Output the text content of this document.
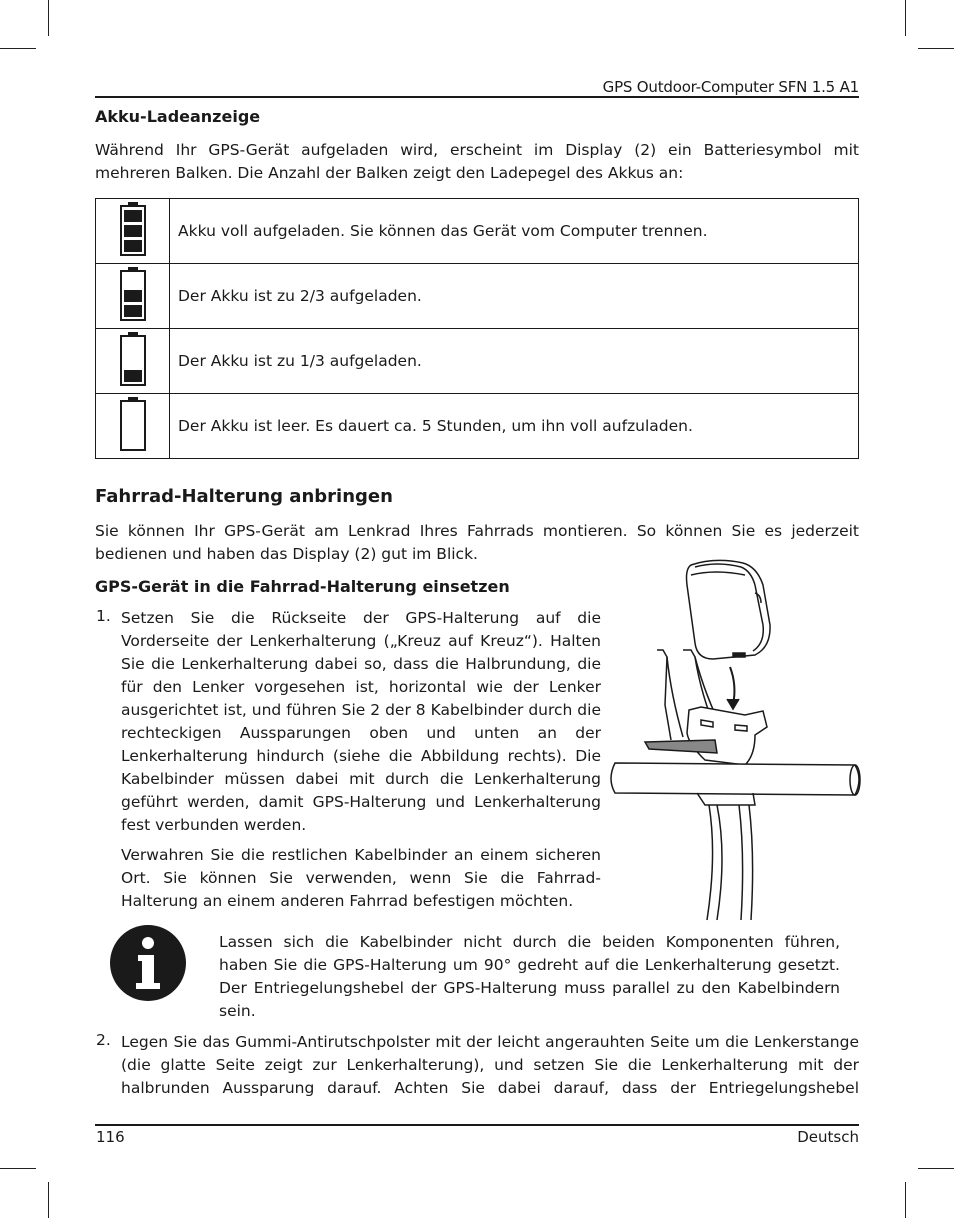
GPS Outdoor-Computer SFN 1.5 A1
Akku-Ladeanzeige
Während Ihr GPS-Gerät aufgeladen wird, erscheint im Display (2) ein Batteriesymbol mit mehreren Balken. Die Anzahl der Balken zeigt den Ladepegel des Akkus an:
	Akku voll aufgeladen. Sie können das Gerät vom Computer trennen.
	Der Akku ist zu 2/3 aufgeladen.
	Der Akku ist zu 1/3 aufgeladen.
	Der Akku ist leer. Es dauert ca. 5 Stunden, um ihn voll aufzuladen.
Fahrrad-Halterung anbringen
Sie können Ihr GPS-Gerät am Lenkrad Ihres Fahrrads montieren. So können Sie es jederzeit bedienen und haben das Display (2) gut im Blick.
GPS-Gerät in die Fahrrad-Halterung einsetzen
1. Setzen Sie die Rückseite der GPS-Halterung auf die Vorderseite der Lenkerhalterung („Kreuz auf Kreuz“). Halten Sie die Lenkerhalterung dabei so, dass die Halbrundung, die für den Lenker vorgesehen ist, horizontal wie der Lenker ausgerichtet ist, und führen Sie 2 der 8 Kabelbinder durch die rechteckigen Aussparungen oben und unten an der Lenkerhalterung hindurch (siehe die Abbildung rechts). Die Kabelbinder müssen dabei mit durch die Lenkerhalterung geführt werden, damit GPS-Halterung und Lenkerhalterung fest verbunden werden.
Verwahren Sie die restlichen Kabelbinder an einem sicheren Ort. Sie können Sie verwenden, wenn Sie die Fahrrad-Halterung an einem anderen Fahrrad befestigen möchten.
Lassen sich die Kabelbinder nicht durch die beiden Komponenten führen, haben Sie die GPS-Halterung um 90° gedreht auf die Lenkerhalterung gesetzt. Der Entriegelungshebel der GPS-Halterung muss parallel zu den Kabelbindern sein.
2. Legen Sie das Gummi-Antirutschpolster mit der leicht angerauhten Seite um die Lenkerstange (die glatte Seite zeigt zur Lenkerhalterung), und setzen Sie die Lenkerhalterung mit der halbrunden Aussparung darauf. Achten Sie dabei darauf, dass der Entriegelungshebel
116	Deutsch
